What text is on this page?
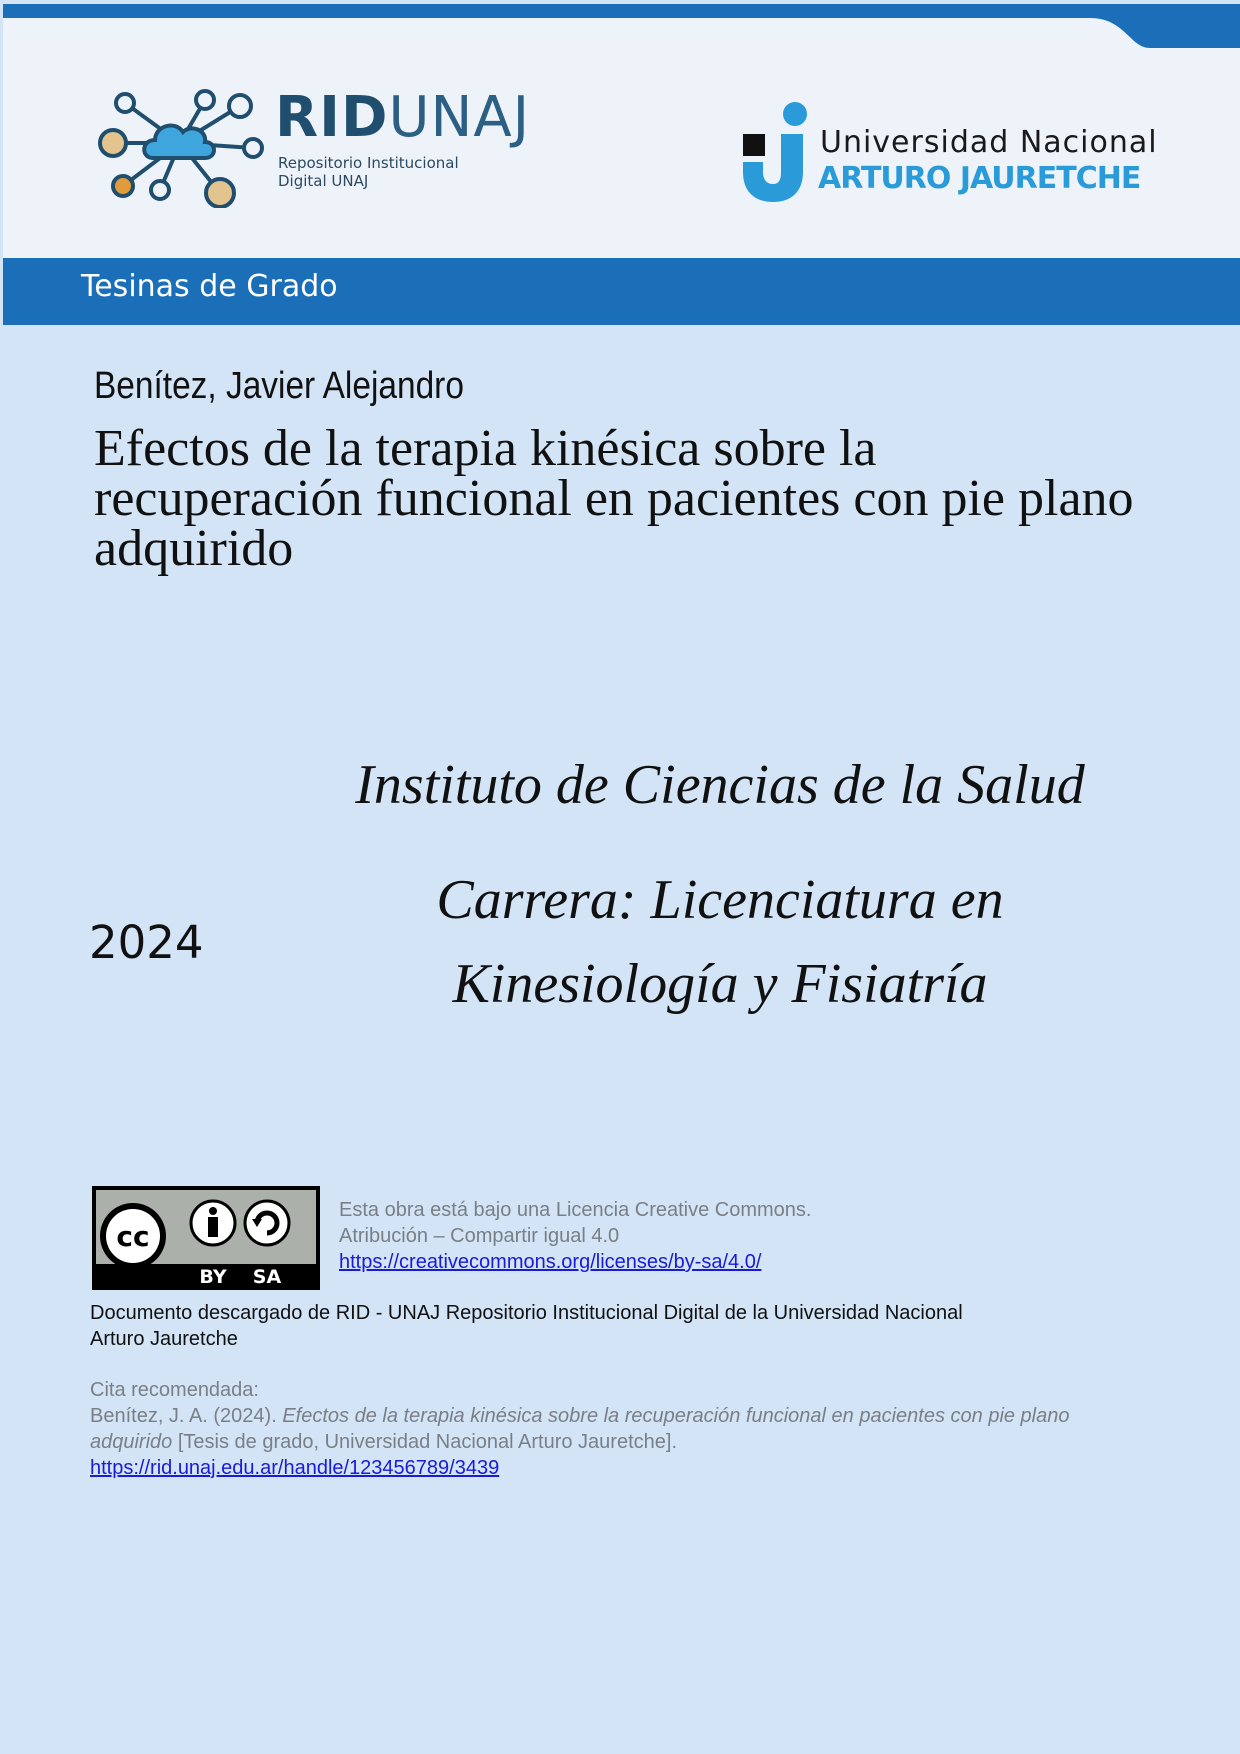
RIDUNAJ
Repositorio Institucional
Digital UNAJ
Universidad Nacional
ARTURO JAURETCHE
Tesinas de Grado
Benítez, Javier Alejandro
Efectos de la terapia kinésica sobre la recuperación funcional en pacientes con pie plano adquirido
Instituto de Ciencias de la Salud
Carrera: Licenciatura en Kinesiología y Fisiatría
2024
cc
BY SA
Esta obra está bajo una Licencia Creative Commons.
Atribución – Compartir igual 4.0
https://creativecommons.org/licenses/by-sa/4.0/
Documento descargado de RID - UNAJ Repositorio Institucional Digital de la Universidad Nacional Arturo Jauretche
Cita recomendada:
Benítez, J. A. (2024). Efectos de la terapia kinésica sobre la recuperación funcional en pacientes con pie plano adquirido [Tesis de grado, Universidad Nacional Arturo Jauretche].
https://rid.unaj.edu.ar/handle/123456789/3439
